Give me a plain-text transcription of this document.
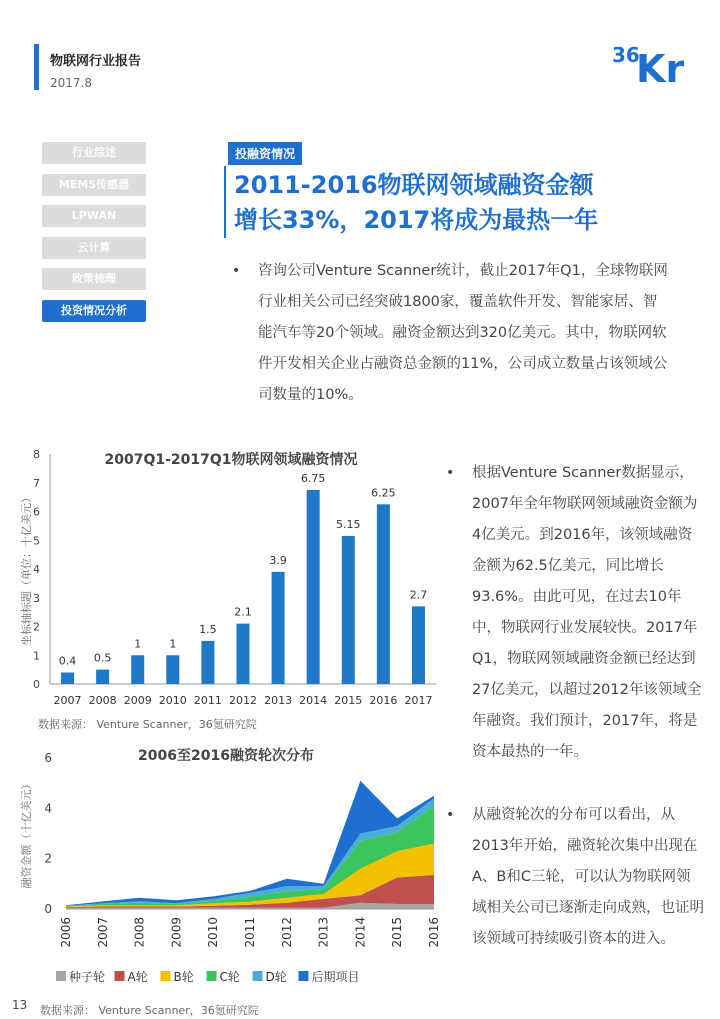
物联网行业报告
2017.8
36
Kr
行业综述
MEMS传感器
LPWAN
云计算
政策梳理
投资情况分析
投融资情况
2011-2016物联网领域融资金额
增长33%，2017将成为最热一年
• 咨询公司Venture Scanner统计，截止2017年Q1，全球物联网行业相关公司已经突破1800家，覆盖软件开发、智能家居、智能汽车等20个领域。融资金额达到320亿美元。其中，物联网软件开发相关企业占融资总金额的11%，公司成立数量占该领域公司数量的10%。
• 根据Venture Scanner数据显示，2007年全年物联网领域融资金额为4亿美元。到2016年，该领域融资金额为62.5亿美元，同比增长93.6%。由此可见，在过去10年中，物联网行业发展较快。2017年Q1，物联网领域融资金额已经达到27亿美元，以超过2012年该领域全年融资。我们预计，2017年，将是资本最热的一年。
• 从融资轮次的分布可以看出，从2013年开始，融资轮次集中出现在A、B和C三轮，可以认为物联网领域相关公司已逐渐走向成熟，也证明该领域可持续吸引资本的进入。
2007Q1-2017Q1物联网领域融资情况
坐标轴标题（单位：十亿美元）
0
1
2
3
4
5
6
7
8
0.4
2007
0.5
2008
1
2009
1
2010
1.5
2011
2.1
2012
3.9
2013
6.75
2014
5.15
2015
6.25
2016
2.7
2017
数据来源： Venture Scanner，36氪研究院
2006至2016融资轮次分布
融资金额（十亿美元）
0
2
4
6
2006 2007 2008 2009 2010 2011 2012 2013 2014 2015 2016
种子轮 A轮 B轮 C轮 D轮 后期项目
13 数据来源： Venture Scanner，36氪研究院
